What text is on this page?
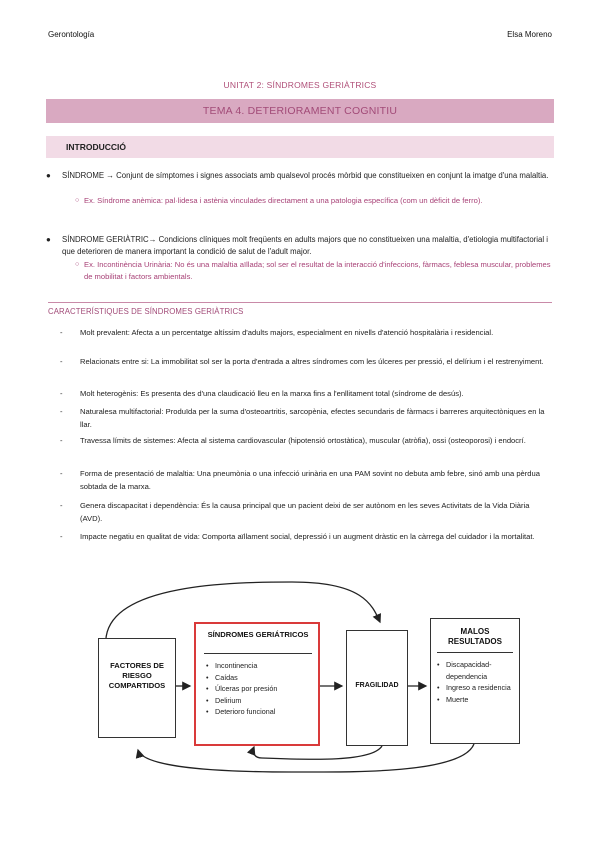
Gerontología	Elsa Moreno
UNITAT 2: SÍNDROMES GERIÀTRICS
TEMA 4. DETERIORAMENT COGNITIU
INTRODUCCIÓ
● SÍNDROME → Conjunt de símptomes i signes associats amb qualsevol procés mòrbid que constitueixen en conjunt la imatge d'una malaltia.
○ Ex. Síndrome anèmica: pal·lidesa i astènia vinculades directament a una patologia específica (com un dèficit de ferro).
● SÍNDROME GERIÀTRIC→ Condicions clíniques molt freqüents en adults majors que no constitueixen una malaltia, d'etiologia multifactorial i que deterioren de manera important la condició de salut de l'adult major.
○ Ex. Incontinència Urinària: No és una malaltia aïllada; sol ser el resultat de la interacció d'infeccions, fàrmacs, feblesa muscular, problemes de mobilitat i factors ambientals.
CARACTERÍSTIQUES DE SÍNDROMES GERIÀTRICS
- Molt prevalent: Afecta a un percentatge altíssim d'adults majors, especialment en nivells d'atenció hospitalària i residencial.
- Relacionats entre si: La immobilitat sol ser la porta d'entrada a altres síndromes com les úlceres per pressió, el delírium i el restrenyiment.
- Molt heterogènis: Es presenta des d'una claudicació lleu en la marxa fins a l'enllitament total (síndrome de desús).
- Naturalesa multifactorial: Produïda per la suma d'osteoartritis, sarcopènia, efectes secundaris de fàrmacs i barreres arquitectòniques en la llar.
- Travessa límits de sistemes: Afecta al sistema cardiovascular (hipotensió ortostàtica), muscular (atròfia), ossi (osteoporosi) i endocrí.
- Forma de presentació de malaltia: Una pneumònia o una infecció urinària en una PAM sovint no debuta amb febre, sinó amb una pèrdua sobtada de la marxa.
- Genera discapacitat i dependència: És la causa principal que un pacient deixi de ser autònom en les seves Activitats de la Vida Diària (AVD).
- Impacte negatiu en qualitat de vida: Comporta aïllament social, depressió i un augment dràstic en la càrrega del cuidador i la mortalitat.
FACTORES DE RIESGO COMPARTIDOS
SÍNDROMES GERIÁTRICOS
• Incontinencia
• Caídas
• Úlceras por presión
• Delirium
• Deterioro funcional
FRAGILIDAD
MALOS RESULTADOS
• Discapacidad-dependencia
• Ingreso a residencia
• Muerte
